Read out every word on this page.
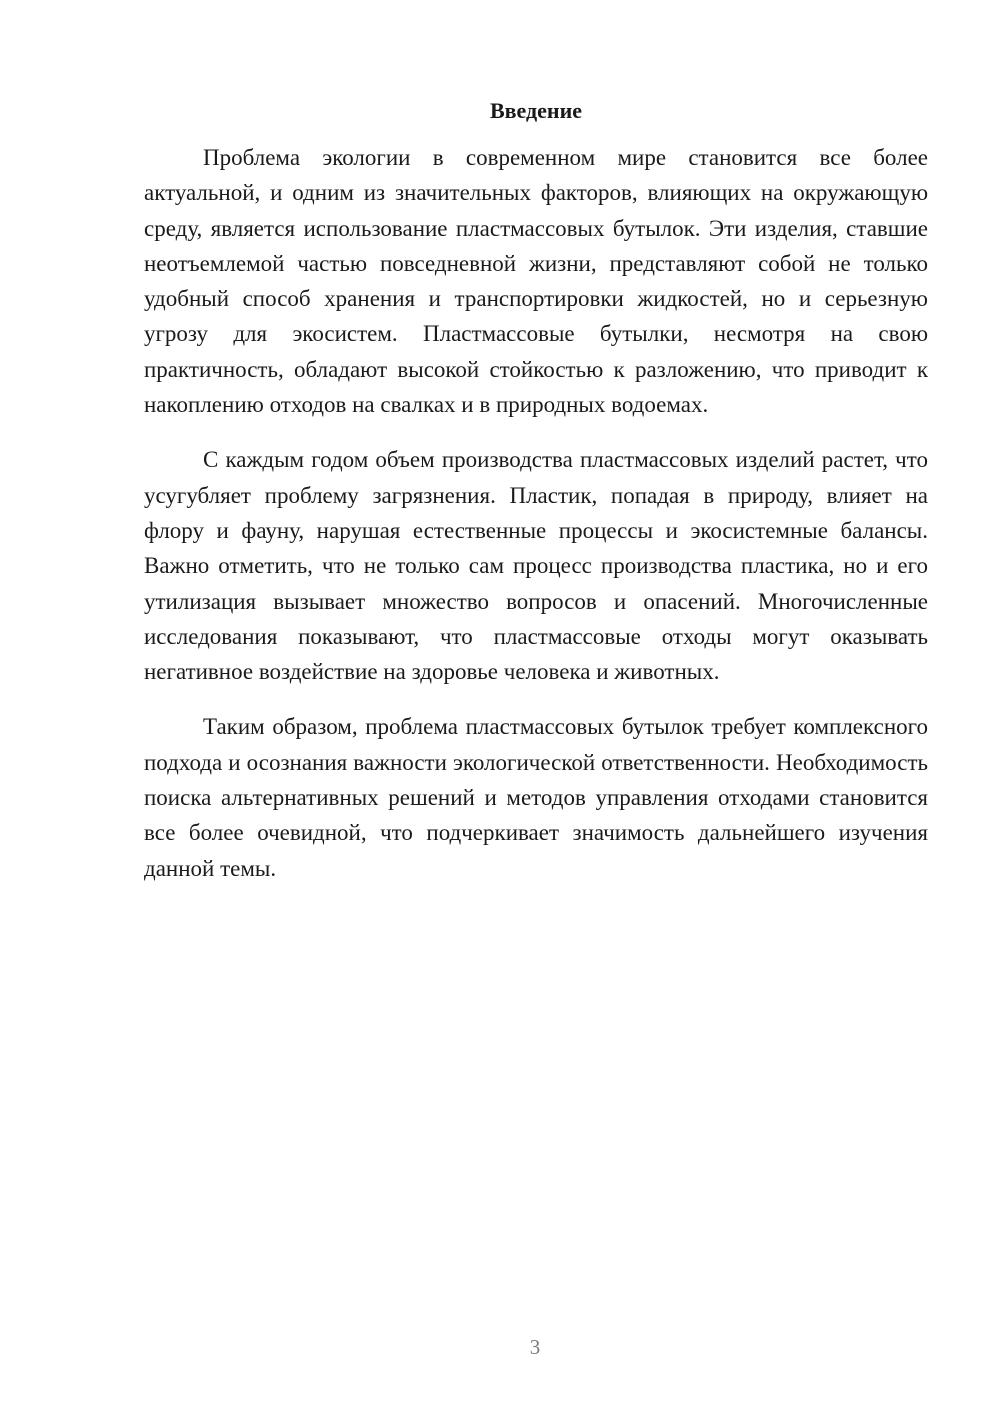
Введение

Проблема экологии в современном мире становится все более актуальной, и одним из значительных факторов, влияющих на окружающую среду, является использование пластмассовых бутылок. Эти изделия, ставшие неотъемлемой частью повседневной жизни, представляют собой не только удобный способ хранения и транспортировки жидкостей, но и серьезную угрозу для экосистем. Пластмассовые бутылки, несмотря на свою практичность, обладают высокой стойкостью к разложению, что приводит к накоплению отходов на свалках и в природных водоемах.

С каждым годом объем производства пластмассовых изделий растет, что усугубляет проблему загрязнения. Пластик, попадая в природу, влияет на флору и фауну, нарушая естественные процессы и экосистемные балансы. Важно отметить, что не только сам процесс производства пластика, но и его утилизация вызывает множество вопросов и опасений. Многочисленные исследования показывают, что пластмассовые отходы могут оказывать негативное воздействие на здоровье человека и животных.

Таким образом, проблема пластмассовых бутылок требует комплексного подхода и осознания важности экологической ответственности. Необходимость поиска альтернативных решений и методов управления отходами становится все более очевидной, что подчеркивает значимость дальнейшего изучения данной темы.

3
